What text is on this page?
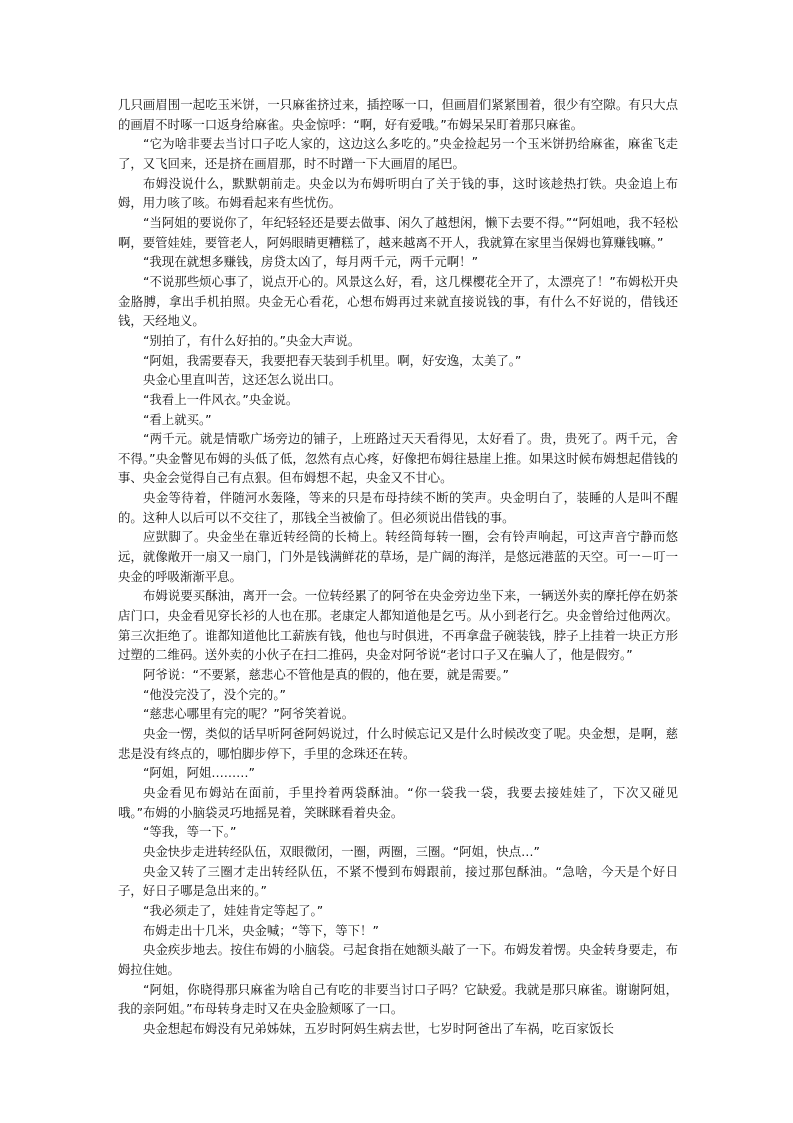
几只画眉围一起吃玉米饼，一只麻雀挤过来，插控啄一口，但画眉们紧紧围着，很少有空隙。有只大点的画眉不时啄一口返身给麻雀。央金惊呼：“啊，好有爱哦。”布姆呆呆盯着那只麻雀。

“它为啥非要去当讨口子吃人家的，这边这么多吃的。”央金捡起另一个玉米饼扔给麻雀，麻雀飞走了，又飞回来，还是挤在画眉那，时不时蹭一下大画眉的尾巴。

布姆没说什么，默默朝前走。央金以为布姆听明白了关于钱的事，这时该趁热打铁。央金追上布姆，用力咳了咳。布姆看起来有些忧伤。

“当阿姐的要说你了，年纪轻轻还是要去做事、闲久了越想闲，懒下去要不得。”“阿姐吔，我不轻松啊，要管娃娃，要管老人，阿妈眼睛更糟糕了，越来越离不开人，我就算在家里当保姆也算赚钱嘛。”

“我现在就想多赚钱，房贷太凶了，每月两千元，两千元啊！”

“不说那些烦心事了，说点开心的。风景这么好，看，这几棵樱花全开了，太漂亮了！”布姆松开央金胳膊，拿出手机拍照。央金无心看花，心想布姆再过来就直接说钱的事，有什么不好说的，借钱还钱，天经地义。

“别拍了，有什么好拍的。”央金大声说。

“阿姐，我需要春天，我要把春天装到手机里。啊，好安逸，太美了。”

央金心里直叫苦，这还怎么说出口。

“我看上一件风衣。”央金说。

“看上就买。”

“两千元。就是情歌广场旁边的铺子，上班路过天天看得见，太好看了。贵，贵死了。两千元，舍不得。”央金瞥见布姆的头低了低，忽然有点心疼，好像把布姆往悬崖上推。如果这时候布姆想起借钱的事、央金会觉得自己有点狠。但布姆想不起，央金又不甘心。

央金等待着，伴随河水轰隆，等来的只是布母持续不断的笑声。央金明白了，装睡的人是叫不醒的。这种人以后可以不交往了，那钱全当被偷了。但必须说出借钱的事。

应獃脚了。央金坐在靠近转经筒的长椅上。转经筒每转一圈，会有铃声响起，可这声音宁静而悠远，就像敞开一扇又一扇门，门外是钱满鲜花的草场，是广阔的海洋，是悠远港蓝的天空。可一－叮一央金的呼吸渐渐平息。

布姆说要买酥油，离开一会。一位转经累了的阿爷在央金旁边坐下来，一辆送外卖的摩托停在奶茶店门口，央金看见穿长衫的人也在那。老康定人都知道他是乞丐。从小到老行乞。央金曾给过他两次。第三次拒绝了。谁都知道他比工薪族有钱，他也与时俱进，不再拿盘子碗装钱，脖子上挂着一块正方形过塑的二维码。送外卖的小伙子在扫二推码，央金对阿爷说“老讨口子又在骗人了，他是假穷。”

阿爷说：“不要紧，慈悲心不管他是真的假的，他在要，就是需要。”

“他没完没了，没个完的。”

“慈悲心哪里有完的呢？”阿爷笑着说。

央金一愣，类似的话早听阿爸阿妈说过，什么时候忘记又是什么时候改变了呢。央金想，是啊，慈悲是没有终点的，哪怕脚步停下，手里的念珠还在转。

“阿姐，阿姐………”

央金看见布姆站在面前，手里拎着两袋酥油。“你一袋我一袋，我要去接娃娃了，下次又碰见哦。”布姆的小脑袋灵巧地摇晃着，笑眯眯看着央金。

“等我，等一下。”

央金快步走进转经队伍，双眼微闭，一圈，两圈，三圈。“阿姐，快点…”

央金又转了三圈才走出转经队伍，不紧不慢到布姆跟前，接过那包酥油。“急啥，今天是个好日子，好日子哪是急出来的。”

“我必须走了，娃娃肯定等起了。”

布姆走出十几米，央金喊；“等下，等下！”

央金疾步地去。按住布姆的小脑袋。弓起食指在她额头敲了一下。布姆发着愣。央金转身要走，布姆拉住她。

“阿姐，你晓得那只麻雀为啥自己有吃的非要当讨口子吗？它缺爱。我就是那只麻雀。谢谢阿姐，我的亲阿姐。”布母转身走时又在央金脸颊啄了一口。

央金想起布姆没有兄弟姊妹，五岁时阿妈生病去世，七岁时阿爸出了车祸，吃百家饭长
